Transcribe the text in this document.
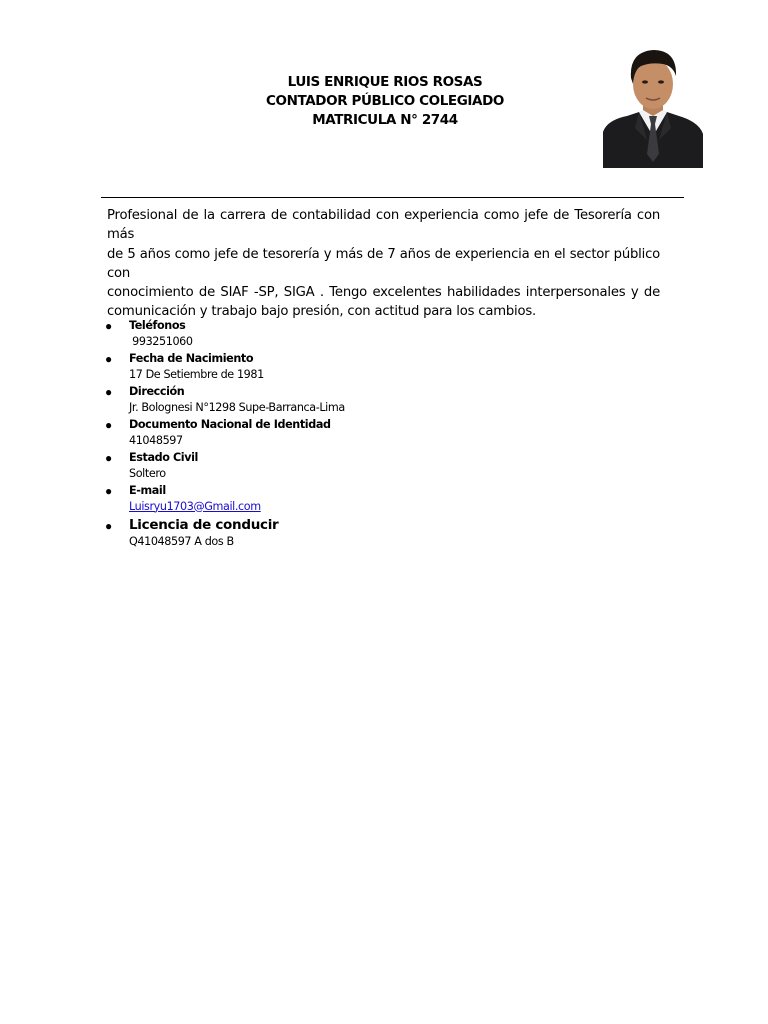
LUIS ENRIQUE RIOS ROSAS
CONTADOR PÚBLICO COLEGIADO
MATRICULA N° 2744
Profesional de la carrera de contabilidad con experiencia como jefe de Tesorería con más
de 5 años como jefe de tesorería y más de 7 años de experiencia en el sector público con
conocimiento de SIAF -SP, SIGA . Tengo excelentes habilidades interpersonales y de
comunicación y trabajo bajo presión, con actitud para los cambios.
● Teléfonos
993251060
● Fecha de Nacimiento
17 De Setiembre de 1981
● Dirección
Jr. Bolognesi N°1298 Supe-Barranca-Lima
● Documento Nacional de Identidad
41048597
● Estado Civil
Soltero
● E-mail
Luisryu1703@Gmail.com
● Licencia de conducir
Q41048597 A dos B
